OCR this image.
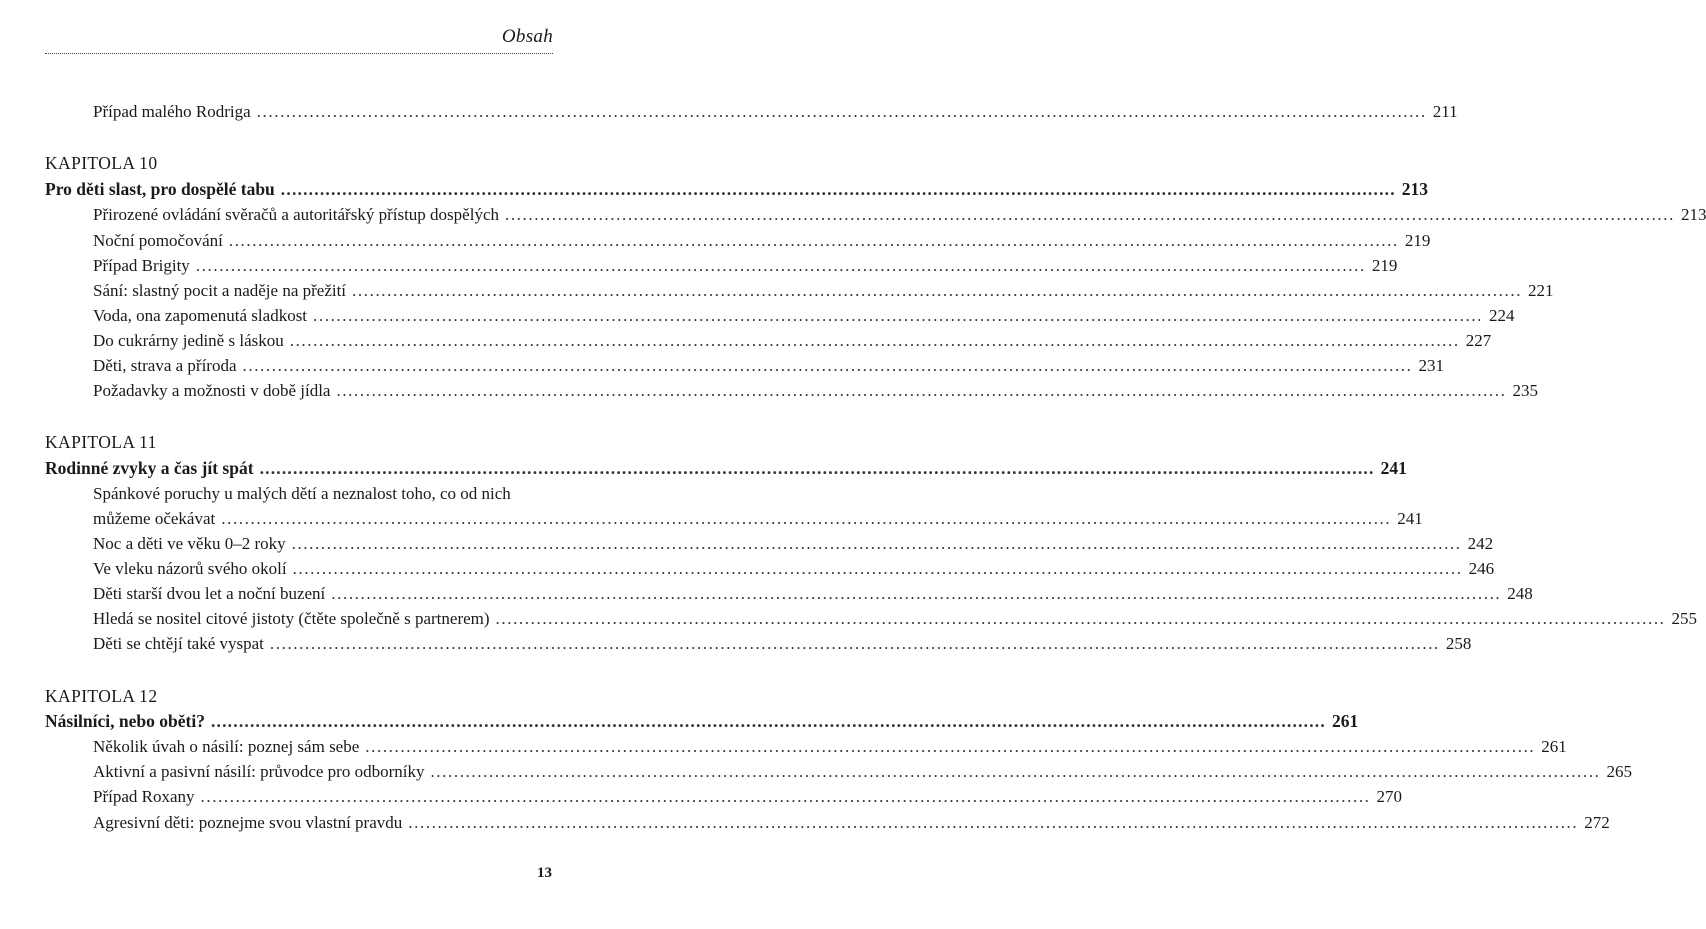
Obsah
Případ malého Rodriga ........................................................................................................................................................................................................ 211
KAPITOLA 10
Pro děti slast, pro dospělé tabu ........................................................................................................................................................................................................ 213
Přirozené ovládání svěračů a autoritářský přístup dospělých ........................................................................................................................................................................................................ 213
Noční pomočování ........................................................................................................................................................................................................ 219
Případ Brigity ........................................................................................................................................................................................................ 219
Sání: slastný pocit a naděje na přežití ........................................................................................................................................................................................................ 221
Voda, ona zapomenutá sladkost ........................................................................................................................................................................................................ 224
Do cukrárny jedině s láskou ........................................................................................................................................................................................................ 227
Děti, strava a příroda ........................................................................................................................................................................................................ 231
Požadavky a možnosti v době jídla ........................................................................................................................................................................................................ 235
KAPITOLA 11
Rodinné zvyky a čas jít spát ........................................................................................................................................................................................................ 241
Spánkové poruchy u malých dětí a neznalost toho, co od nich
můžeme očekávat ........................................................................................................................................................................................................ 241
Noc a děti ve věku 0–2 roky ........................................................................................................................................................................................................ 242
Ve vleku názorů svého okolí ........................................................................................................................................................................................................ 246
Děti starší dvou let a noční buzení ........................................................................................................................................................................................................ 248
Hledá se nositel citové jistoty (čtěte společně s partnerem) ........................................................................................................................................................................................................ 255
Děti se chtějí také vyspat ........................................................................................................................................................................................................ 258
KAPITOLA 12
Násilníci, nebo oběti? ........................................................................................................................................................................................................ 261
Několik úvah o násilí: poznej sám sebe ........................................................................................................................................................................................................ 261
Aktivní a pasivní násilí: průvodce pro odborníky ........................................................................................................................................................................................................ 265
Případ Roxany ........................................................................................................................................................................................................ 270
Agresivní děti: poznejme svou vlastní pravdu ........................................................................................................................................................................................................ 272
13
